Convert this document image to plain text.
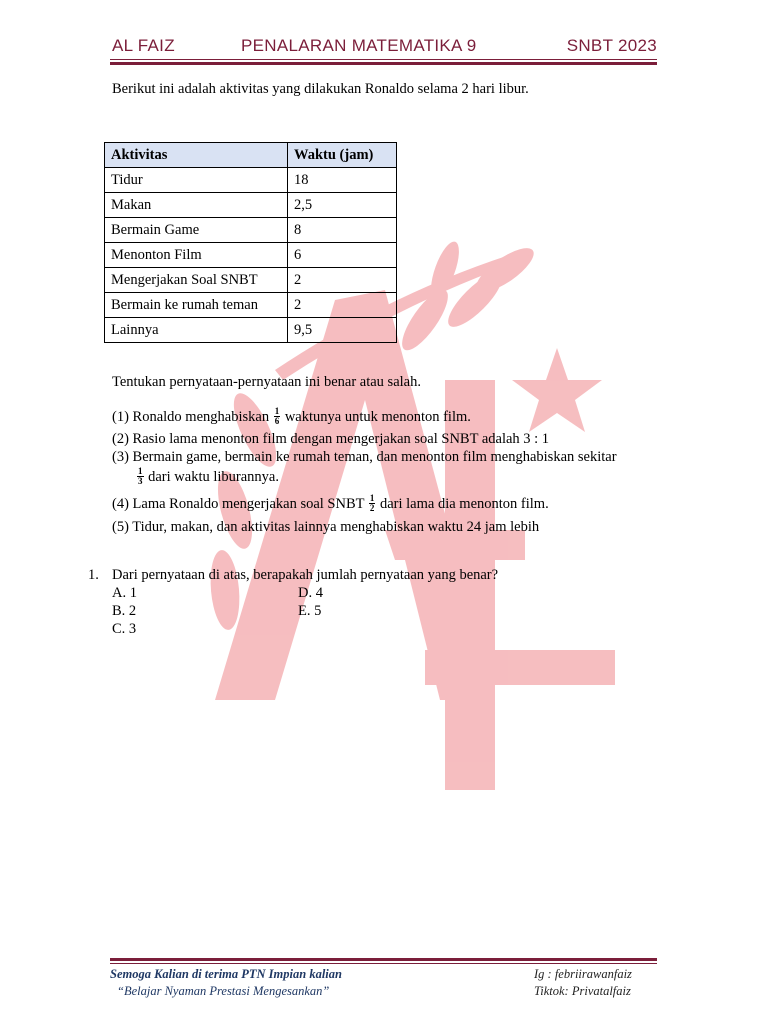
AL FAIZ	PENALARAN MATEMATIKA 9	SNBT 2023
Berikut ini adalah aktivitas yang dilakukan Ronaldo selama 2 hari libur.
Aktivitas	Waktu (jam)
Tidur	18
Makan	2,5
Bermain Game	8
Menonton Film	6
Mengerjakan Soal SNBT	2
Bermain ke rumah teman	2
Lainnya	9,5
Tentukan pernyataan-pernyataan ini benar atau salah.
(1) Ronaldo menghabiskan $\frac{1}{6}$ waktunya untuk menonton film.
(2) Rasio lama menonton film dengan mengerjakan soal SNBT adalah 3 : 1
(3) Bermain game, bermain ke rumah teman, dan menonton film menghabiskan sekitar
$\frac{1}{3}$ dari waktu liburannya.
(4) Lama Ronaldo mengerjakan soal SNBT $\frac{1}{2}$ dari lama dia menonton film.
(5) Tidur, makan, dan aktivitas lainnya menghabiskan waktu 24 jam lebih
1. Dari pernyataan di atas, berapakah jumlah pernyataan yang benar?
A. 1
B. 2
C. 3
D. 4
E. 5
Semoga Kalian di terima PTN Impian kalian
“Belajar Nyaman Prestasi Mengesankan”
Ig : febriirawanfaiz
Tiktok: Privatalfaiz
